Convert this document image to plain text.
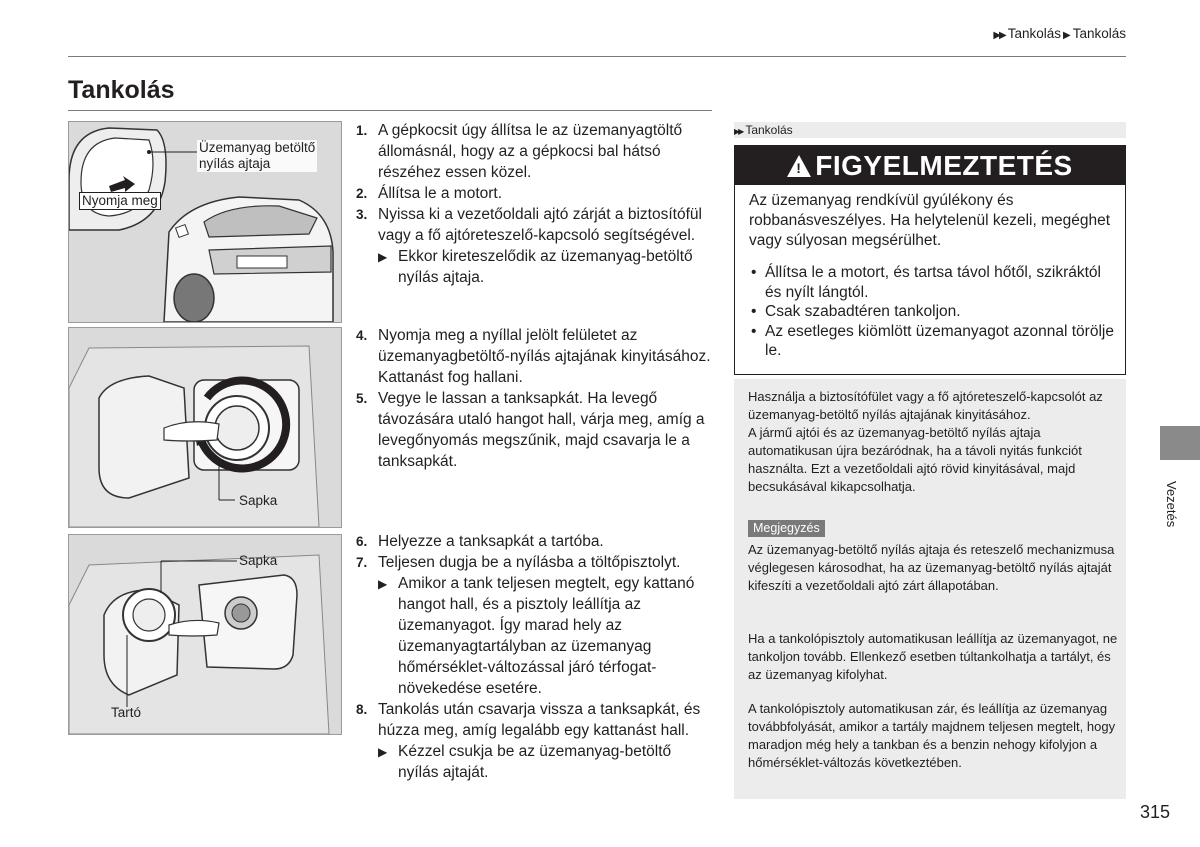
▶▶ Tankolás ▶ Tankolás
Tankolás
Üzemanyag betöltő
nyílás ajtaja
Nyomja meg
Sapka
Sapka
Tartó
1. A gépkocsit úgy állítsa le az üzemanyagtöltő állomásnál, hogy az a gépkocsi bal hátsó részéhez essen közel.
2. Állítsa le a motort.
3. Nyissa ki a vezetőoldali ajtó zárját a biztosítófül vagy a fő ajtóreteszelő-kapcsoló segítségével.
▶ Ekkor kireteszelődik az üzemanyag-betöltő nyílás ajtaja.
4. Nyomja meg a nyíllal jelölt felületet az üzemanyagbetöltő-nyílás ajtajának kinyitásához. Kattanást fog hallani.
5. Vegye le lassan a tanksapkát. Ha levegő távozására utaló hangot hall, várja meg, amíg a levegőnyomás megszűnik, majd csavarja le a tanksapkát.
6. Helyezze a tanksapkát a tartóba.
7. Teljesen dugja be a nyílásba a töltőpisztolyt.
▶ Amikor a tank teljesen megtelt, egy kattanó hangot hall, és a pisztoly leállítja az üzemanyagot. Így marad hely az üzemanyagtartályban az üzemanyag hőmérséklet-változással járó térfogat-növekedése esetére.
8. Tankolás után csavarja vissza a tanksapkát, és húzza meg, amíg legalább egy kattanást hall.
▶ Kézzel csukja be az üzemanyag-betöltő nyílás ajtaját.
▶▶ Tankolás
! FIGYELMEZTETÉS
Az üzemanyag rendkívül gyúlékony és robbanásveszélyes. Ha helytelenül kezeli, megéghet vagy súlyosan megsérülhet.
• Állítsa le a motort, és tartsa távol hőtől, szikráktól és nyílt lángtól.
• Csak szabadtéren tankoljon.
• Az esetleges kiömlött üzemanyagot azonnal törölje le.
Használja a biztosítófület vagy a fő ajtóreteszelő-kapcsolót az üzemanyag-betöltő nyílás ajtajának kinyitásához.
A jármű ajtói és az üzemanyag-betöltő nyílás ajtaja automatikusan újra bezáródnak, ha a távoli nyitás funkciót használta. Ezt a vezetőoldali ajtó rövid kinyitásával, majd becsukásával kikapcsolhatja.
Megjegyzés
Az üzemanyag-betöltő nyílás ajtaja és reteszelő mechanizmusa véglegesen károsodhat, ha az üzemanyag-betöltő nyílás ajtaját kifeszíti a vezetőoldali ajtó zárt állapotában.
Ha a tankolópisztoly automatikusan leállítja az üzemanyagot, ne tankoljon tovább. Ellenkező esetben túltankolhatja a tartályt, és az üzemanyag kifolyhat.
A tankolópisztoly automatikusan zár, és leállítja az üzemanyag továbbfolyását, amikor a tartály majdnem teljesen megtelt, hogy maradjon még hely a tankban és a benzin nehogy kifolyjon a hőmérséklet-változás következtében.
Vezetés
315
